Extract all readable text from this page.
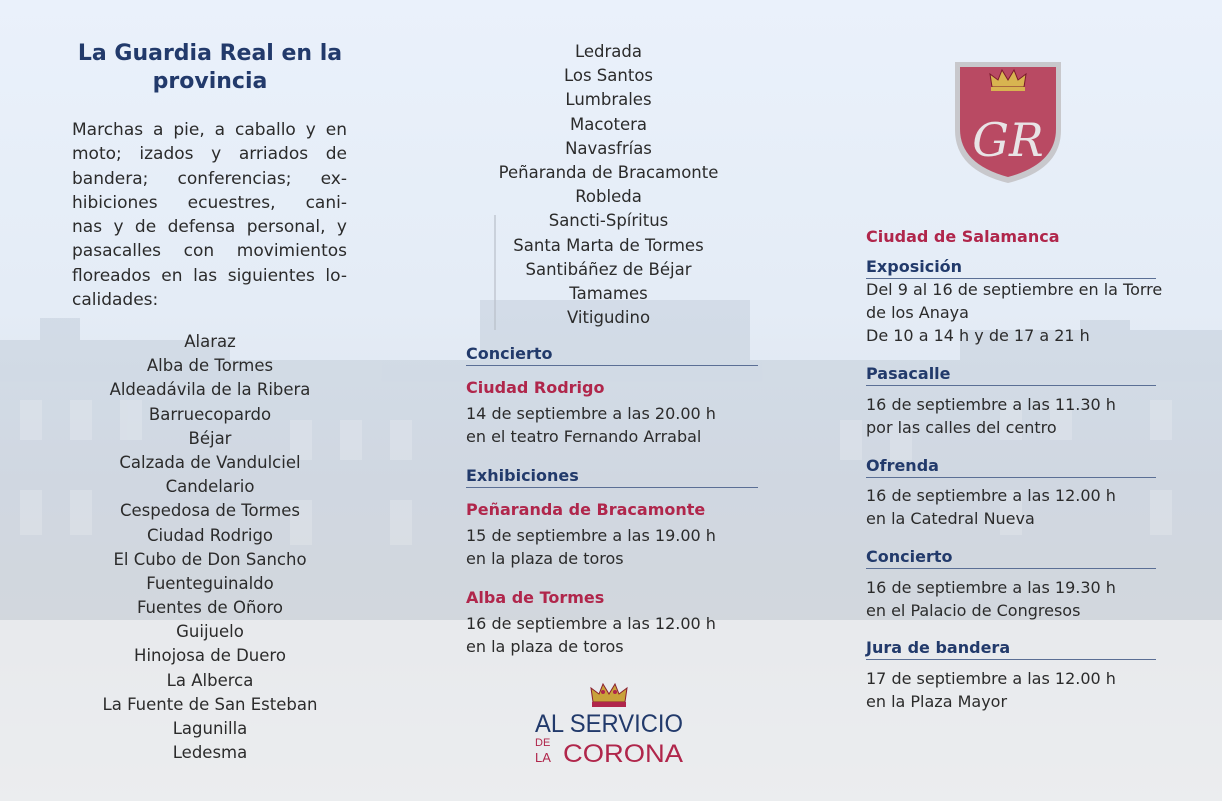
La Guardia Real en la
provincia

Marchas a pie, a caballo y en
moto; izados y arriados de
bandera; conferencias; ex-
hibiciones ecuestres, cani-
nas y de defensa personal, y
pasacalles con movimientos
floreados en las siguientes lo-
calidades:

Alaraz
Alba de Tormes
Aldeadávila de la Ribera
Barruecopardo
Béjar
Calzada de Vandulciel
Candelario
Cespedosa de Tormes
Ciudad Rodrigo
El Cubo de Don Sancho
Fuenteguinaldo
Fuentes de Oñoro
Guijuelo
Hinojosa de Duero
La Alberca
La Fuente de San Esteban
Lagunilla
Ledesma
Ledrada
Los Santos
Lumbrales
Macotera
Navasfrías
Peñaranda de Bracamonte
Robleda
Sancti-Spíritus
Santa Marta de Tormes
Santibáñez de Béjar
Tamames
Vitigudino
Concierto
Ciudad Rodrigo
14 de septiembre a las 20.00 h
en el teatro Fernando Arrabal
Exhibiciones
Peñaranda de Bracamonte
15 de septiembre a las 19.00 h
en la plaza de toros
Alba de Tormes
16 de septiembre a las 12.00 h
en la plaza de toros
AL SERVICIO
DE
LA CORONA
GR
Ciudad de Salamanca
Exposición
Del 9 al 16 de septiembre en la Torre
de los Anaya
De 10 a 14 h y de 17 a 21 h
Pasacalle
16 de septiembre a las 11.30 h
por las calles del centro
Ofrenda
16 de septiembre a las 12.00 h
en la Catedral Nueva
Concierto
16 de septiembre a las 19.30 h
en el Palacio de Congresos
Jura de bandera
17 de septiembre a las 12.00 h
en la Plaza Mayor
